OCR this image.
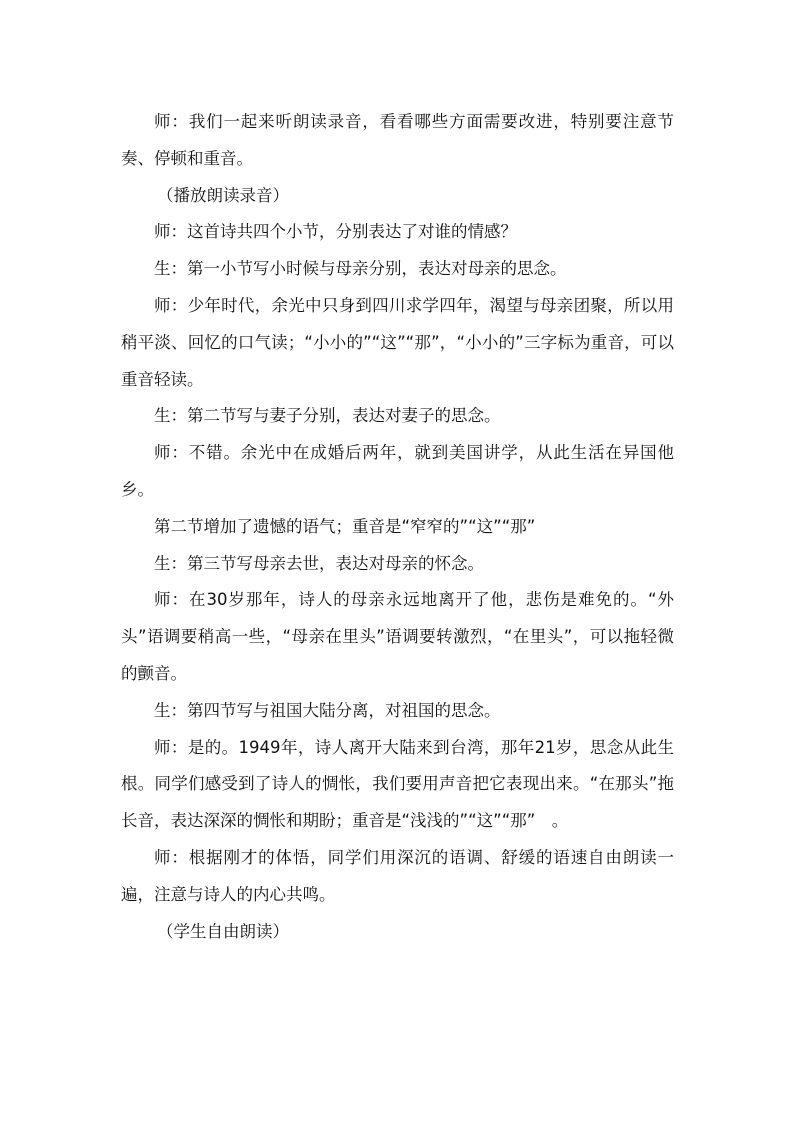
师：我们一起来听朗读录音，看看哪些方面需要改进，特别要注意节奏、停顿和重音。

（播放朗读录音）

师：这首诗共四个小节，分别表达了对谁的情感？

生：第一小节写小时候与母亲分别，表达对母亲的思念。

师：少年时代，余光中只身到四川求学四年，渴望与母亲团聚，所以用稍平淡、回忆的口气读；“小小的”“这”“那”，“小小的”三字标为重音，可以重音轻读。

生：第二节写与妻子分别，表达对妻子的思念。

师：不错。余光中在成婚后两年，就到美国讲学，从此生活在异国他乡。

第二节增加了遗憾的语气；重音是“窄窄的”“这”“那”

生：第三节写母亲去世，表达对母亲的怀念。

师：在30岁那年，诗人的母亲永远地离开了他，悲伤是难免的。“外头”语调要稍高一些，“母亲在里头”语调要转激烈，“在里头”，可以拖轻微的颤音。

生：第四节写与祖国大陆分离，对祖国的思念。

师：是的。1949年，诗人离开大陆来到台湾，那年21岁，思念从此生根。同学们感受到了诗人的惆怅，我们要用声音把它表现出来。“在那头”拖长音，表达深深的惆怅和期盼；重音是“浅浅的”“这”“那”　。

师：根据刚才的体悟，同学们用深沉的语调、舒缓的语速自由朗读一遍，注意与诗人的内心共鸣。

（学生自由朗读）
